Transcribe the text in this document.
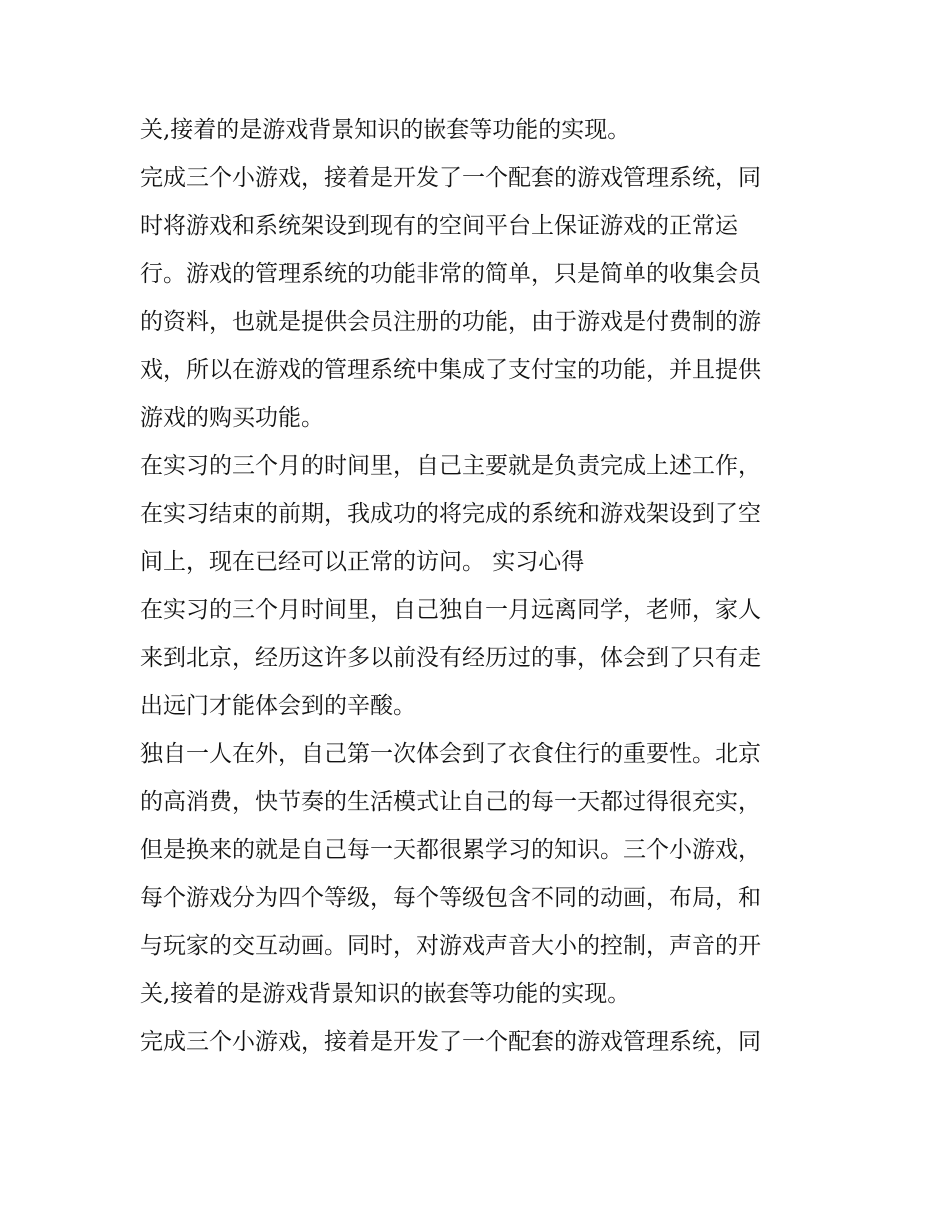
关,接着的是游戏背景知识的嵌套等功能的实现。
完成三个小游戏，接着是开发了一个配套的游戏管理系统，同
时将游戏和系统架设到现有的空间平台上保证游戏的正常运
行。游戏的管理系统的功能非常的简单，只是简单的收集会员
的资料，也就是提供会员注册的功能，由于游戏是付费制的游
戏，所以在游戏的管理系统中集成了支付宝的功能，并且提供
游戏的购买功能。
在实习的三个月的时间里，自己主要就是负责完成上述工作，
在实习结束的前期，我成功的将完成的系统和游戏架设到了空
间上，现在已经可以正常的访问。 实习心得
在实习的三个月时间里，自己独自一月远离同学，老师，家人
来到北京，经历这许多以前没有经历过的事，体会到了只有走
出远门才能体会到的辛酸。
独自一人在外，自己第一次体会到了衣食住行的重要性。北京
的高消费，快节奏的生活模式让自己的每一天都过得很充实，
但是换来的就是自己每一天都很累学习的知识。三个小游戏，
每个游戏分为四个等级，每个等级包含不同的动画，布局，和
与玩家的交互动画。同时，对游戏声音大小的控制，声音的开
关,接着的是游戏背景知识的嵌套等功能的实现。
完成三个小游戏，接着是开发了一个配套的游戏管理系统，同
